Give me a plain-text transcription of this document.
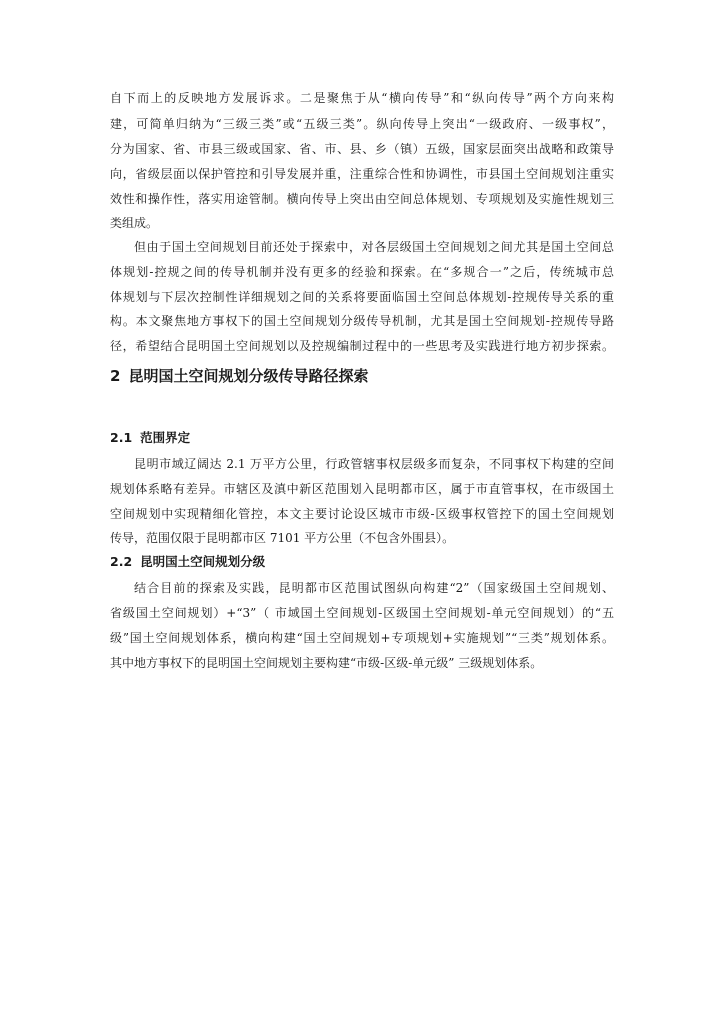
自下而上的反映地方发展诉求。二是聚焦于从“横向传导”和“纵向传导”两个方向来构
建，可简单归纳为“三级三类”或“五级三类”。纵向传导上突出“一级政府、一级事权”，
分为国家、省、市县三级或国家、省、市、县、乡（镇）五级，国家层面突出战略和政策导
向，省级层面以保护管控和引导发展并重，注重综合性和协调性，市县国土空间规划注重实
效性和操作性，落实用途管制。横向传导上突出由空间总体规划、专项规划及实施性规划三
类组成。
但由于国土空间规划目前还处于探索中，对各层级国土空间规划之间尤其是国土空间总
体规划-控规之间的传导机制并没有更多的经验和探索。在“多规合一”之后，传统城市总
体规划与下层次控制性详细规划之间的关系将要面临国土空间总体规划-控规传导关系的重
构。本文聚焦地方事权下的国土空间规划分级传导机制，尤其是国土空间规划-控规传导路
径，希望结合昆明国土空间规划以及控规编制过程中的一些思考及实践进行地方初步探索。
2 昆明国土空间规划分级传导路径探索
2.1 范围界定
昆明市域辽阔达 2.1 万平方公里，行政管辖事权层级多而复杂，不同事权下构建的空间
规划体系略有差异。市辖区及滇中新区范围划入昆明都市区，属于市直管事权，在市级国土
空间规划中实现精细化管控，本文主要讨论设区城市市级-区级事权管控下的国土空间规划
传导，范围仅限于昆明都市区 7101 平方公里（不包含外围县）。
2.2 昆明国土空间规划分级
结合目前的探索及实践，昆明都市区范围试图纵向构建“2”（国家级国土空间规划、
省级国土空间规划）+“3”（ 市域国土空间规划-区级国土空间规划-单元空间规划）的“五
级”国土空间规划体系，横向构建“国土空间规划+专项规划+实施规划”“三类”规划体系。
其中地方事权下的昆明国土空间规划主要构建“市级-区级-单元级” 三级规划体系。
